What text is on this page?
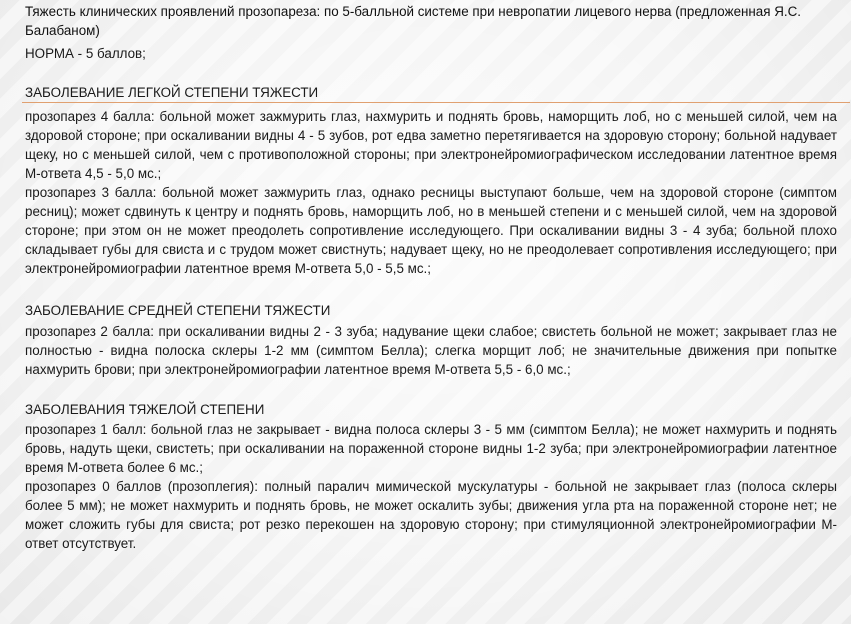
Тяжесть клинических проявлений прозопареза: по 5-балльной системе при невропатии лицевого нерва (предложенная Я.С. Балабаном)

НОРМА - 5 баллов;

ЗАБОЛЕВАНИЕ ЛЕГКОЙ СТЕПЕНИ ТЯЖЕСТИ

прозопарез 4 балла: больной может зажмурить глаз, нахмурить и поднять бровь, наморщить лоб, но с меньшей силой, чем на здоровой стороне; при оскаливании видны 4 - 5 зубов, рот едва заметно перетягивается на здоровую сторону; больной надувает щеку, но с меньшей силой, чем с противоположной стороны; при электронейромиографическом исследовании латентное время М-ответа 4,5 - 5,0 мс.;

прозопарез 3 балла: больной может зажмурить глаз, однако ресницы выступают больше, чем на здоровой стороне (симптом ресниц); может сдвинуть к центру и поднять бровь, наморщить лоб, но в меньшей степени и с меньшей силой, чем на здоровой стороне; при этом он не может преодолеть сопротивление исследующего. При оскаливании видны 3 - 4 зуба; больной плохо складывает губы для свиста и с трудом может свистнуть; надувает щеку, но не преодолевает сопротивления исследующего; при электронейромиографии латентное время М-ответа 5,0 - 5,5 мс.;

ЗАБОЛЕВАНИЕ СРЕДНЕЙ СТЕПЕНИ ТЯЖЕСТИ

прозопарез 2 балла: при оскаливании видны 2 - 3 зуба; надувание щеки слабое; свистеть больной не может; закрывает глаз не полностью - видна полоска склеры 1-2 мм (симптом Белла); слегка морщит лоб; не значительные движения при попытке нахмурить брови; при электронейромиографии латентное время М-ответа 5,5 - 6,0 мс.;

ЗАБОЛЕВАНИЯ ТЯЖЕЛОЙ СТЕПЕНИ

прозопарез 1 балл: больной глаз не закрывает - видна полоса склеры 3 - 5 мм (симптом Белла); не может нахмурить и поднять бровь, надуть щеки, свистеть; при оскаливании на пораженной стороне видны 1-2 зуба; при электронейромиографии латентное время М-ответа более 6 мс.;

прозопарез 0 баллов (прозоплегия): полный паралич мимической мускулатуры - больной не закрывает глаз (полоса склеры более 5 мм); не может нахмурить и поднять бровь, не может оскалить зубы; движения угла рта на пораженной стороне нет; не может сложить губы для свиста; рот резко перекошен на здоровую сторону; при стимуляционной электронейромиографии М-ответ отсутствует.
